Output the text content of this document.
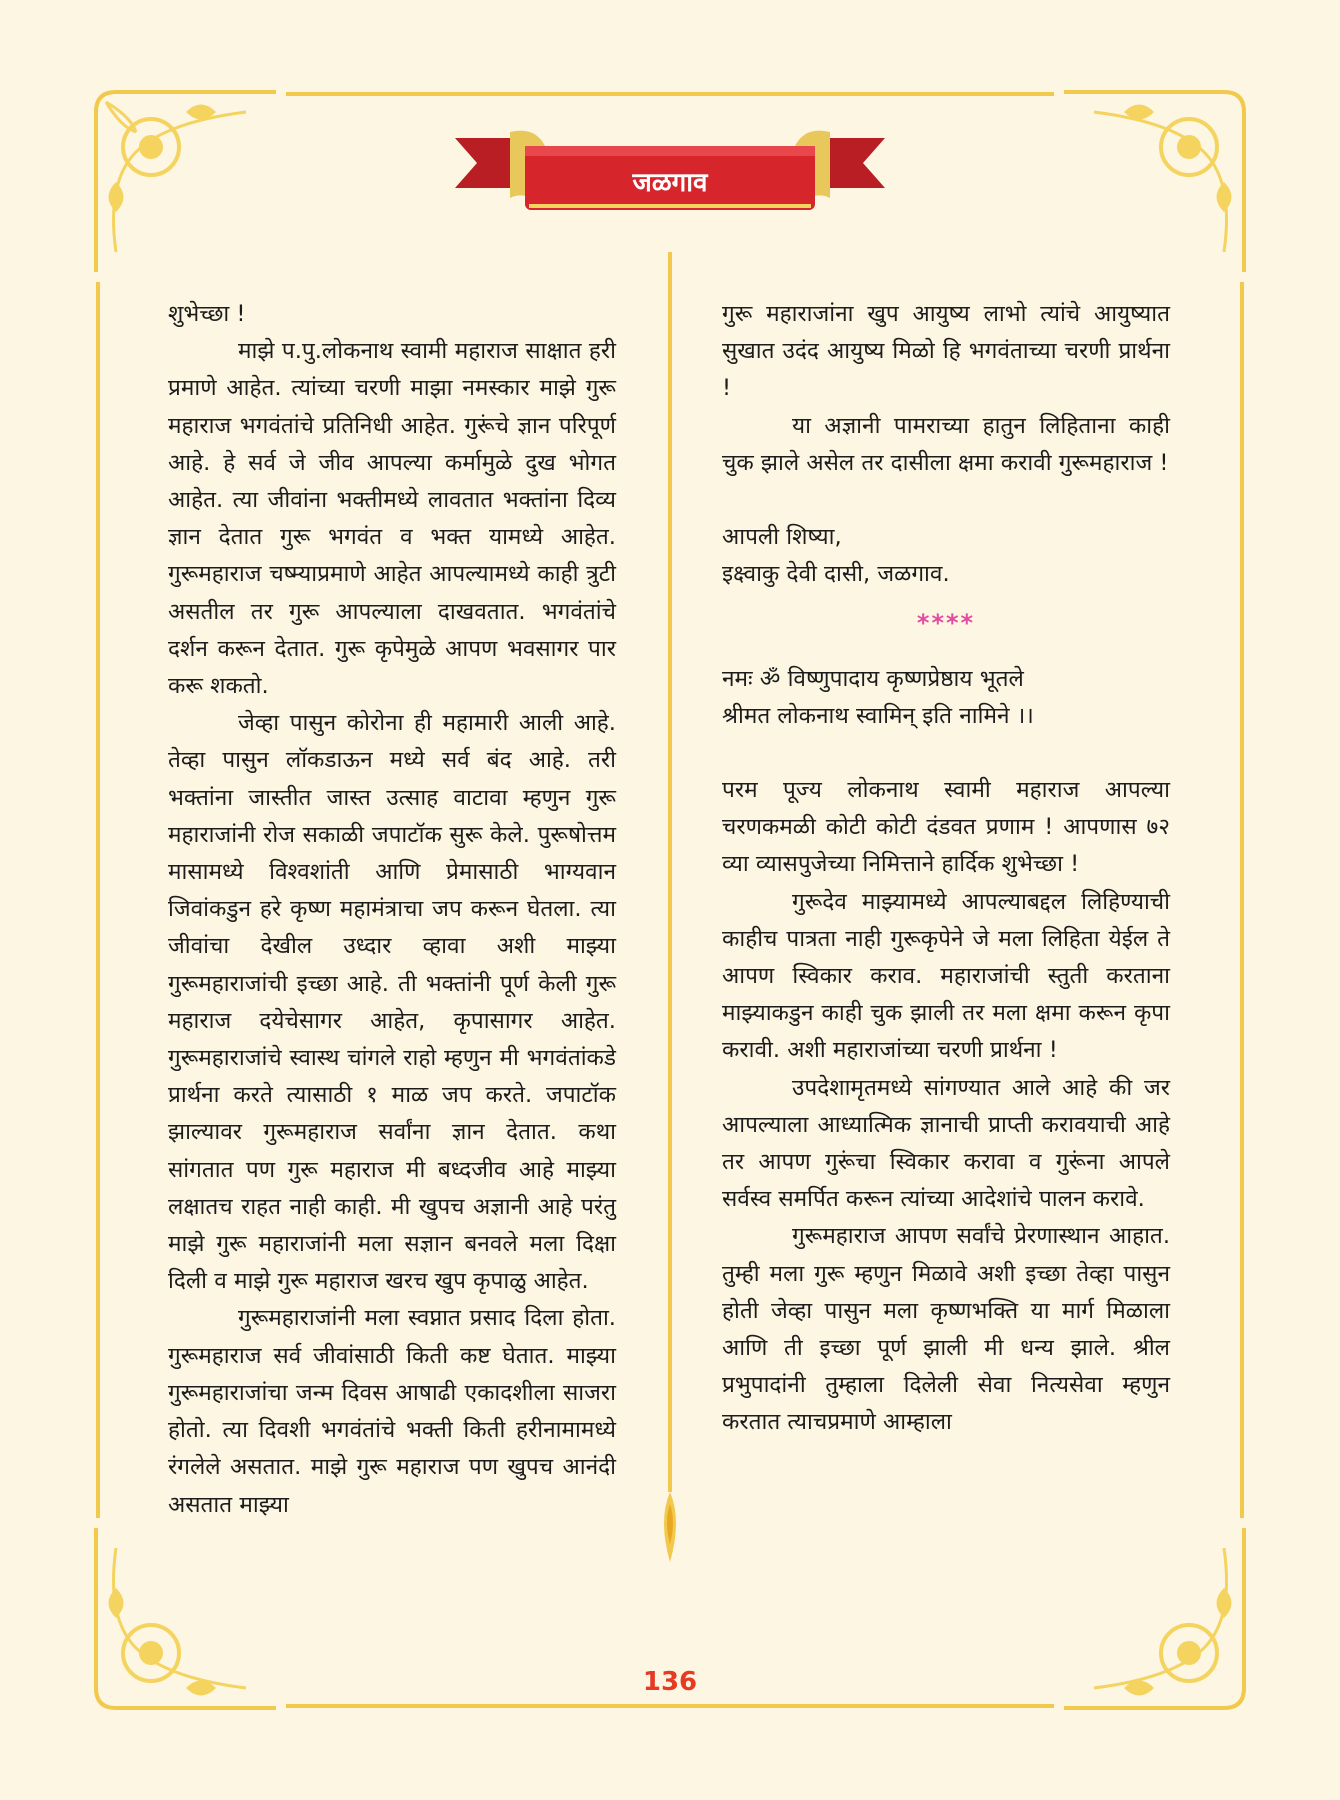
जळगाव

शुभेच्छा !

माझे प.पु.लोकनाथ स्वामी महाराज साक्षात हरी प्रमाणे आहेत. त्यांच्या चरणी माझा नमस्कार माझे गुरू महाराज भगवंतांचे प्रतिनिधी आहेत. गुरूंचे ज्ञान परिपूर्ण आहे. हे सर्व जे जीव आपल्या कर्मामुळे दुख भोगत आहेत. त्या जीवांना भक्तीमध्ये लावतात भक्तांना दिव्य ज्ञान देतात गुरू भगवंत व भक्त यामध्ये आहेत. गुरूमहाराज चष्म्याप्रमाणे आहेत आपल्यामध्ये काही त्रुटी असतील तर गुरू आपल्याला दाखवतात. भगवंतांचे दर्शन करून देतात. गुरू कृपेमुळे आपण भवसागर पार करू शकतो.

जेव्हा पासुन कोरोना ही महामारी आली आहे. तेव्हा पासुन लॉकडाऊन मध्ये सर्व बंद आहे. तरी भक्तांना जास्तीत जास्त उत्साह वाटावा म्हणुन गुरू महाराजांनी रोज सकाळी जपाटॉक सुरू केले. पुरूषोत्तम मासामध्ये विश्वशांती आणि प्रेमासाठी भाग्यवान जिवांकडुन हरे कृष्ण महामंत्राचा जप करून घेतला. त्या जीवांचा देखील उध्दार व्हावा अशी माझ्या गुरूमहाराजांची इच्छा आहे. ती भक्तांनी पूर्ण केली गुरू महाराज दयेचेसागर आहेत, कृपासागर आहेत. गुरूमहाराजांचे स्वास्थ चांगले राहो म्हणुन मी भगवंतांकडे प्रार्थना करते त्यासाठी १ माळ जप करते. जपाटॉक झाल्यावर गुरूमहाराज सर्वांना ज्ञान देतात. कथा सांगतात पण गुरू महाराज मी बध्दजीव आहे माझ्या लक्षातच राहत नाही काही. मी खुपच अज्ञानी आहे परंतु माझे गुरू महाराजांनी मला सज्ञान बनवले मला दिक्षा दिली व माझे गुरू महाराज खरच खुप कृपाळु आहेत.

गुरूमहाराजांनी मला स्वप्नात प्रसाद दिला होता. गुरूमहाराज सर्व जीवांसाठी किती कष्ट घेतात. माझ्या गुरूमहाराजांचा जन्म दिवस आषाढी एकादशीला साजरा होतो. त्या दिवशी भगवंतांचे भक्ती किती हरीनामामध्ये रंगलेले असतात. माझे गुरू महाराज पण खुपच आनंदी असतात माझ्या

गुरू महाराजांना खुप आयुष्य लाभो त्यांचे आयुष्यात सुखात उदंद आयुष्य मिळो हि भगवंताच्या चरणी प्रार्थना !

या अज्ञानी पामराच्या हातुन लिहिताना काही चुक झाले असेल तर दासीला क्षमा करावी गुरूमहाराज !

आपली शिष्या,

इक्ष्वाकु देवी दासी, जळगाव.

****

नमः ॐ विष्णुपादाय कृष्णप्रेष्ठाय भूतले

श्रीमत लोकनाथ स्वामिन् इति नामिने ।।

परम पूज्य लोकनाथ स्वामी महाराज आपल्या चरणकमळी कोटी कोटी दंडवत प्रणाम ! आपणास ७२ व्या व्यासपुजेच्या निमित्ताने हार्दिक शुभेच्छा !

गुरूदेव माझ्यामध्ये आपल्याबद्दल लिहिण्याची काहीच पात्रता नाही गुरूकृपेने जे मला लिहिता येईल ते आपण स्विकार कराव. महाराजांची स्तुती करताना माझ्याकडुन काही चुक झाली तर मला क्षमा करून कृपा करावी. अशी महाराजांच्या चरणी प्रार्थना !

उपदेशामृतमध्ये सांगण्यात आले आहे की जर आपल्याला आध्यात्मिक ज्ञानाची प्राप्ती करावयाची आहे तर आपण गुरूंचा स्विकार करावा व गुरूंना आपले सर्वस्व समर्पित करून त्यांच्या आदेशांचे पालन करावे.

गुरूमहाराज आपण सर्वांचे प्रेरणास्थान आहात. तुम्ही मला गुरू म्हणुन मिळावे अशी इच्छा तेव्हा पासुन होती जेव्हा पासुन मला कृष्णभक्ति या मार्ग मिळाला आणि ती इच्छा पूर्ण झाली मी धन्य झाले. श्रील प्रभुपादांनी तुम्हाला दिलेली सेवा नित्यसेवा म्हणुन करतात त्याचप्रमाणे आम्हाला

136
